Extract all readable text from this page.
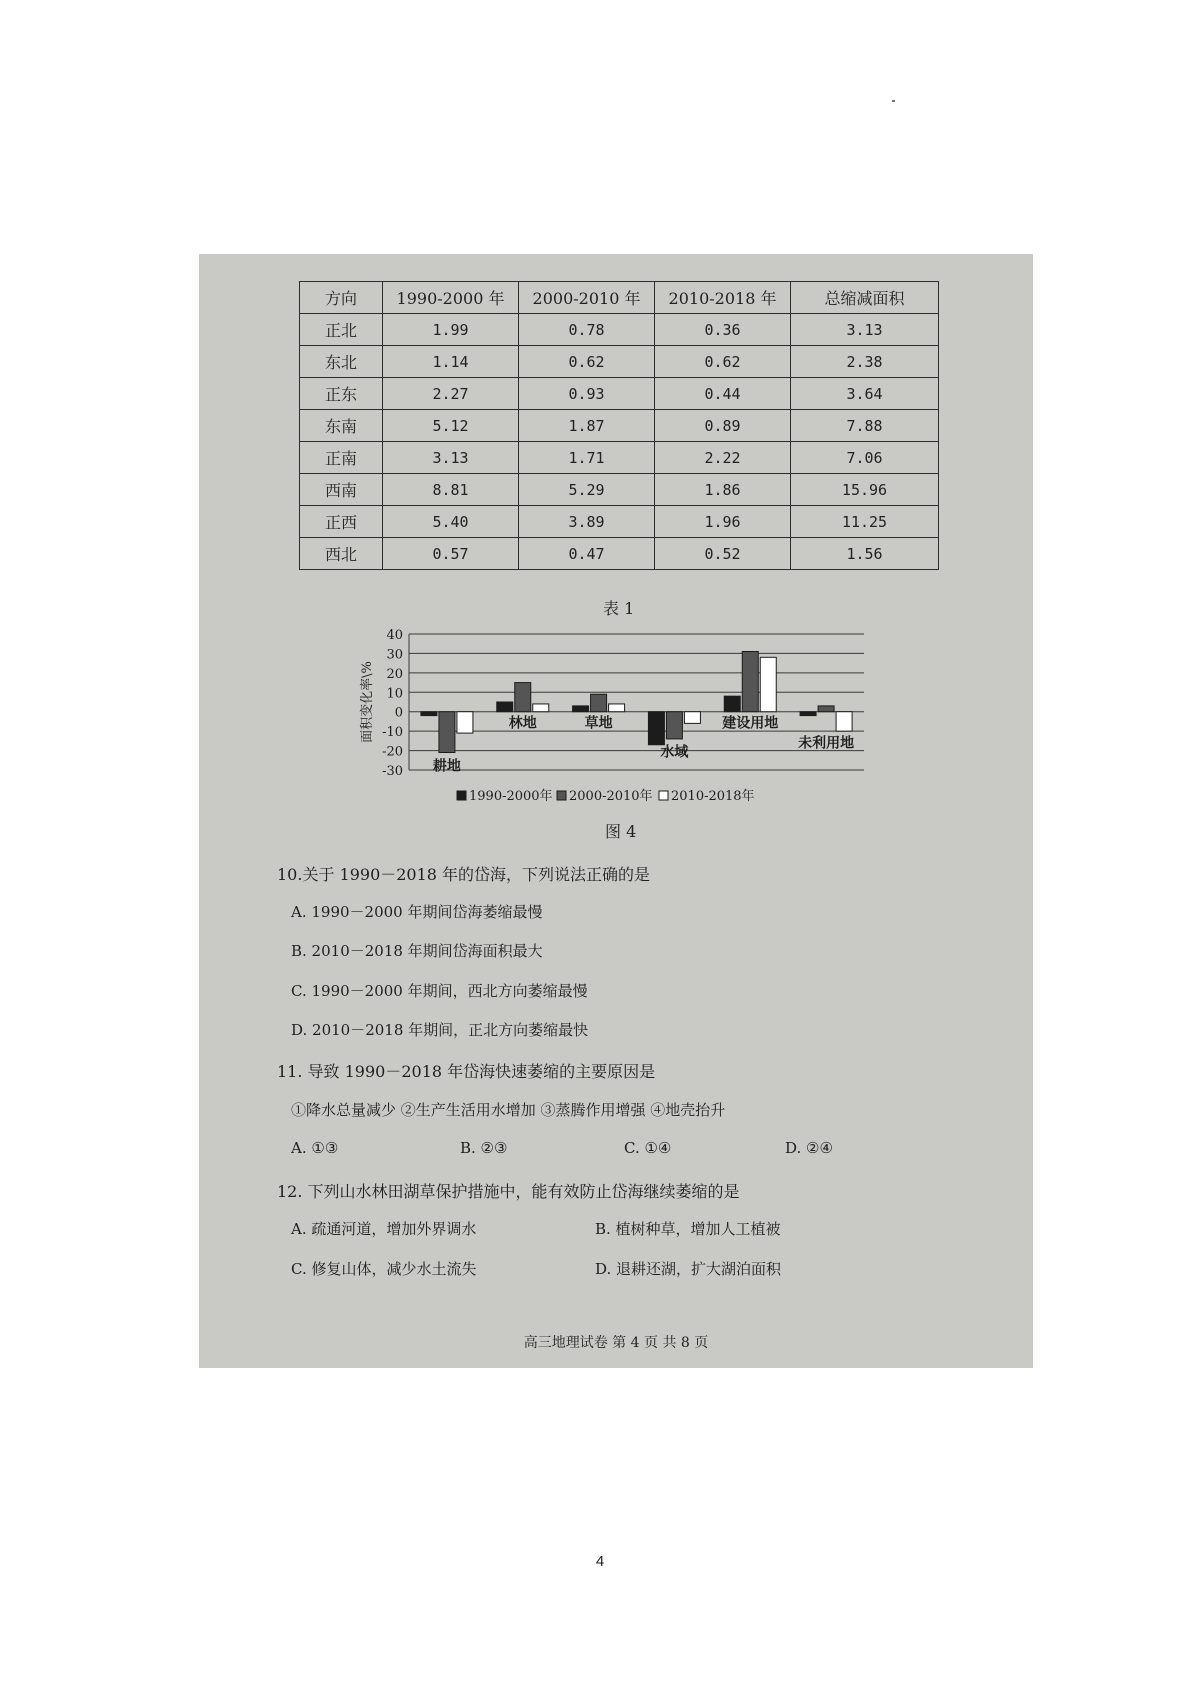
方向	1990-2000 年	2000-2010 年	2010-2018 年	总缩减面积
正北	1.99	0.78	0.36	3.13
东北	1.14	0.62	0.62	2.38
正东	2.27	0.93	0.44	3.64
东南	5.12	1.87	0.89	7.88
正南	3.13	1.71	2.22	7.06
西南	8.81	5.29	1.86	15.96
正西	5.40	3.89	1.96	11.25
西北	0.57	0.47	0.52	1.56
表 1
40
30
20
10
0
-10
-20
-30
面积变化率\%
耕地
林地	草地
水域
建设用地
未利用地
1990-2000年 2000-2010年 2010-2018年
图 4
10.关于 1990－2018 年的岱海，下列说法正确的是
A. 1990－2000 年期间岱海萎缩最慢
B. 2010－2018 年期间岱海面积最大
C. 1990－2000 年期间，西北方向萎缩最慢
D. 2010－2018 年期间，正北方向萎缩最快
11. 导致 1990－2018 年岱海快速萎缩的主要原因是
①降水总量减少 ②生产生活用水增加 ③蒸腾作用增强 ④地壳抬升
A. ①③	B. ②③	C. ①④	D. ②④
12. 下列山水林田湖草保护措施中，能有效防止岱海继续萎缩的是
A. 疏通河道，增加外界调水	B. 植树种草，增加人工植被
C. 修复山体，减少水土流失	D. 退耕还湖，扩大湖泊面积
高三地理试卷 第 4 页 共 8 页
4
